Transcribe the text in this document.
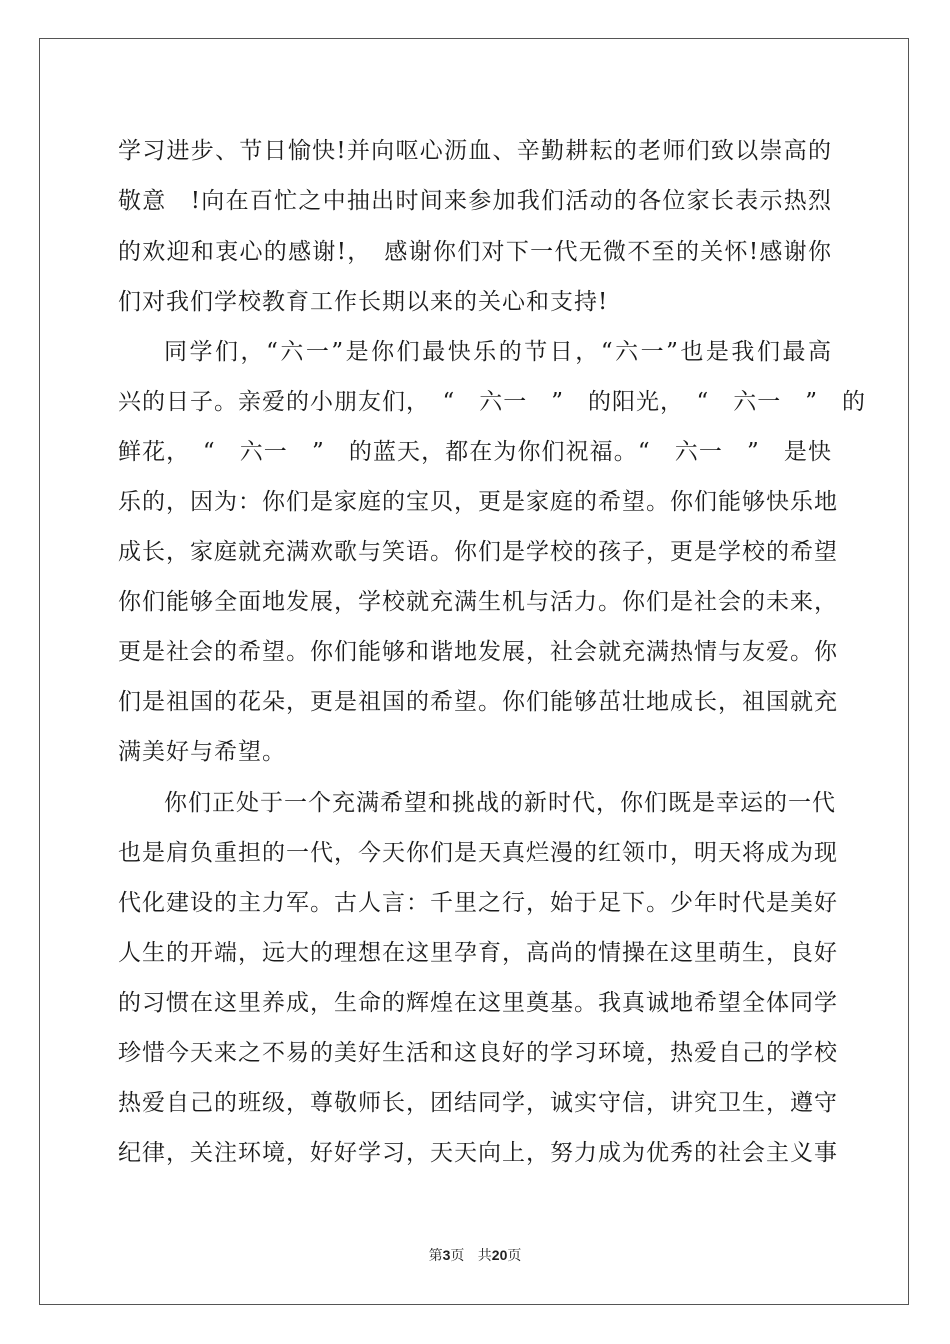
学习进步、节日愉快!并向呕心沥血、辛勤耕耘的老师们致以崇高的
敬意　!向在百忙之中抽出时间来参加我们活动的各位家长表示热烈
的欢迎和衷心的感谢!，　感谢你们对下一代无微不至的关怀!感谢你
们对我们学校教育工作长期以来的关心和支持!
同学们，“六一”是你们最快乐的节日，“六一”也是我们最高
兴的日子。亲爱的小朋友们，　“　六一　”　的阳光，　“　六一　”　的
鲜花，　“　六一　”　的蓝天，都在为你们祝福。“　六一　”　是快
乐的，因为：你们是家庭的宝贝，更是家庭的希望。你们能够快乐地
成长，家庭就充满欢歌与笑语。你们是学校的孩子，更是学校的希望
你们能够全面地发展，学校就充满生机与活力。你们是社会的未来，
更是社会的希望。你们能够和谐地发展，社会就充满热情与友爱。你
们是祖国的花朵，更是祖国的希望。你们能够茁壮地成长，祖国就充
满美好与希望。
你们正处于一个充满希望和挑战的新时代，你们既是幸运的一代
也是肩负重担的一代，今天你们是天真烂漫的红领巾，明天将成为现
代化建设的主力军。古人言：千里之行，始于足下。少年时代是美好
人生的开端，远大的理想在这里孕育，高尚的情操在这里萌生，良好
的习惯在这里养成，生命的辉煌在这里奠基。我真诚地希望全体同学
珍惜今天来之不易的美好生活和这良好的学习环境，热爱自己的学校
热爱自己的班级，尊敬师长，团结同学，诚实守信，讲究卫生，遵守
纪律，关注环境，好好学习，天天向上，努力成为优秀的社会主义事
第3页 共20页
